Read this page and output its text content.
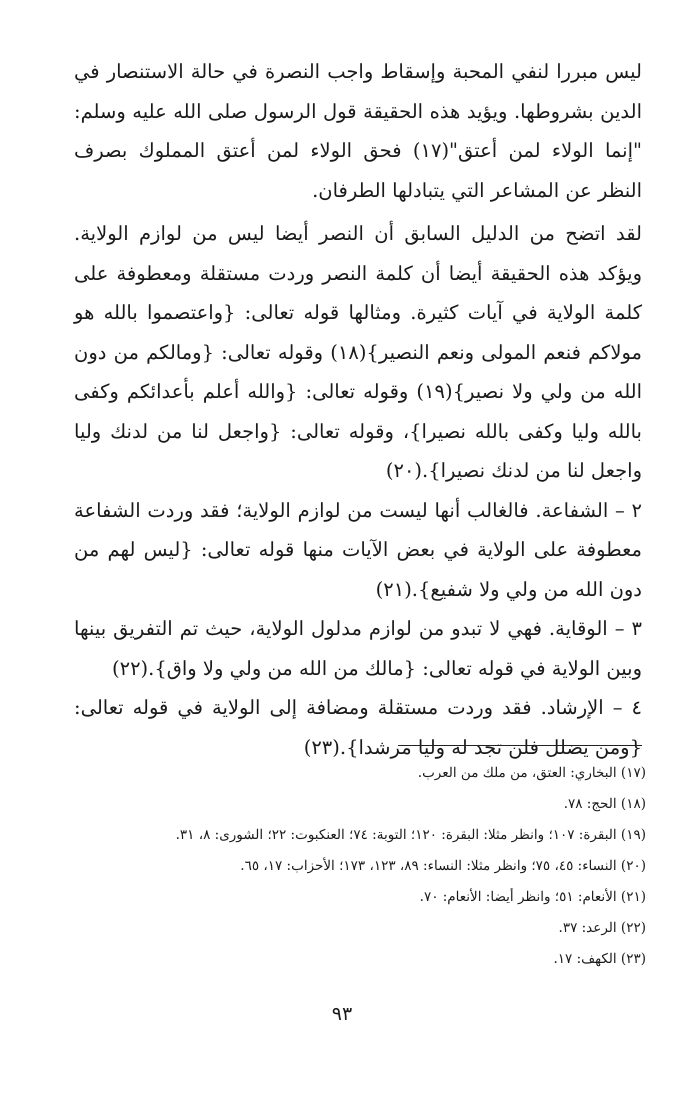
ليس مبررا لنفي المحبة وإسقاط واجب النصرة في حالة الاستنصار في الدين بشروطها. ويؤيد هذه الحقيقة قول الرسول صلى الله عليه وسلم: "إنما الولاء لمن أعتق"(١٧) فحق الولاء لمن أعتق المملوك بصرف النظر عن المشاعر التي يتبادلها الطرفان.

لقد اتضح من الدليل السابق أن النصر أيضا ليس من لوازم الولاية. ويؤكد هذه الحقيقة أيضا أن كلمة النصر وردت مستقلة ومعطوفة على كلمة الولاية في آيات كثيرة. ومثالها قوله تعالى: {واعتصموا بالله هو مولاكم فنعم المولى ونعم النصير}(١٨) وقوله تعالى: {ومالكم من دون الله من ولي ولا نصير}(١٩) وقوله تعالى: {والله أعلم بأعدائكم وكفى بالله وليا وكفى بالله نصيرا}، وقوله تعالى: {واجعل لنا من لدنك وليا واجعل لنا من لدنك نصيرا}.(٢٠)

٢ – الشفاعة. فالغالب أنها ليست من لوازم الولاية؛ فقد وردت الشفاعة معطوفة على الولاية في بعض الآيات منها قوله تعالى: {ليس لهم من دون الله من ولي ولا شفيع}.(٢١)

٣ – الوقاية. فهي لا تبدو من لوازم مدلول الولاية، حيث تم التفريق بينها وبين الولاية في قوله تعالى: {مالك من الله من ولي ولا واق}.(٢٢)

٤ – الإرشاد. فقد وردت مستقلة ومضافة إلى الولاية في قوله تعالى: {ومن يضلل فلن تجد له وليا مرشدا}.(٢٣)

(١٧) البخاري: العتق، من ملك من العرب.

(١٨) الحج: ٧٨.

(١٩) البقرة: ١٠٧؛ وانظر مثلا: البقرة: ١٢٠؛ التوبة: ٧٤؛ العنكبوت: ٢٢؛ الشورى: ٨، ٣١.

(٢٠) النساء: ٤٥، ٧٥؛ وانظر مثلا: النساء: ٨٩، ١٢٣، ١٧٣؛ الأحزاب: ١٧، ٦٥.

(٢١) الأنعام: ٥١؛ وانظر أيضا: الأنعام: ٧٠.

(٢٢) الرعد: ٣٧.

(٢٣) الكهف: ١٧.

٩٣
